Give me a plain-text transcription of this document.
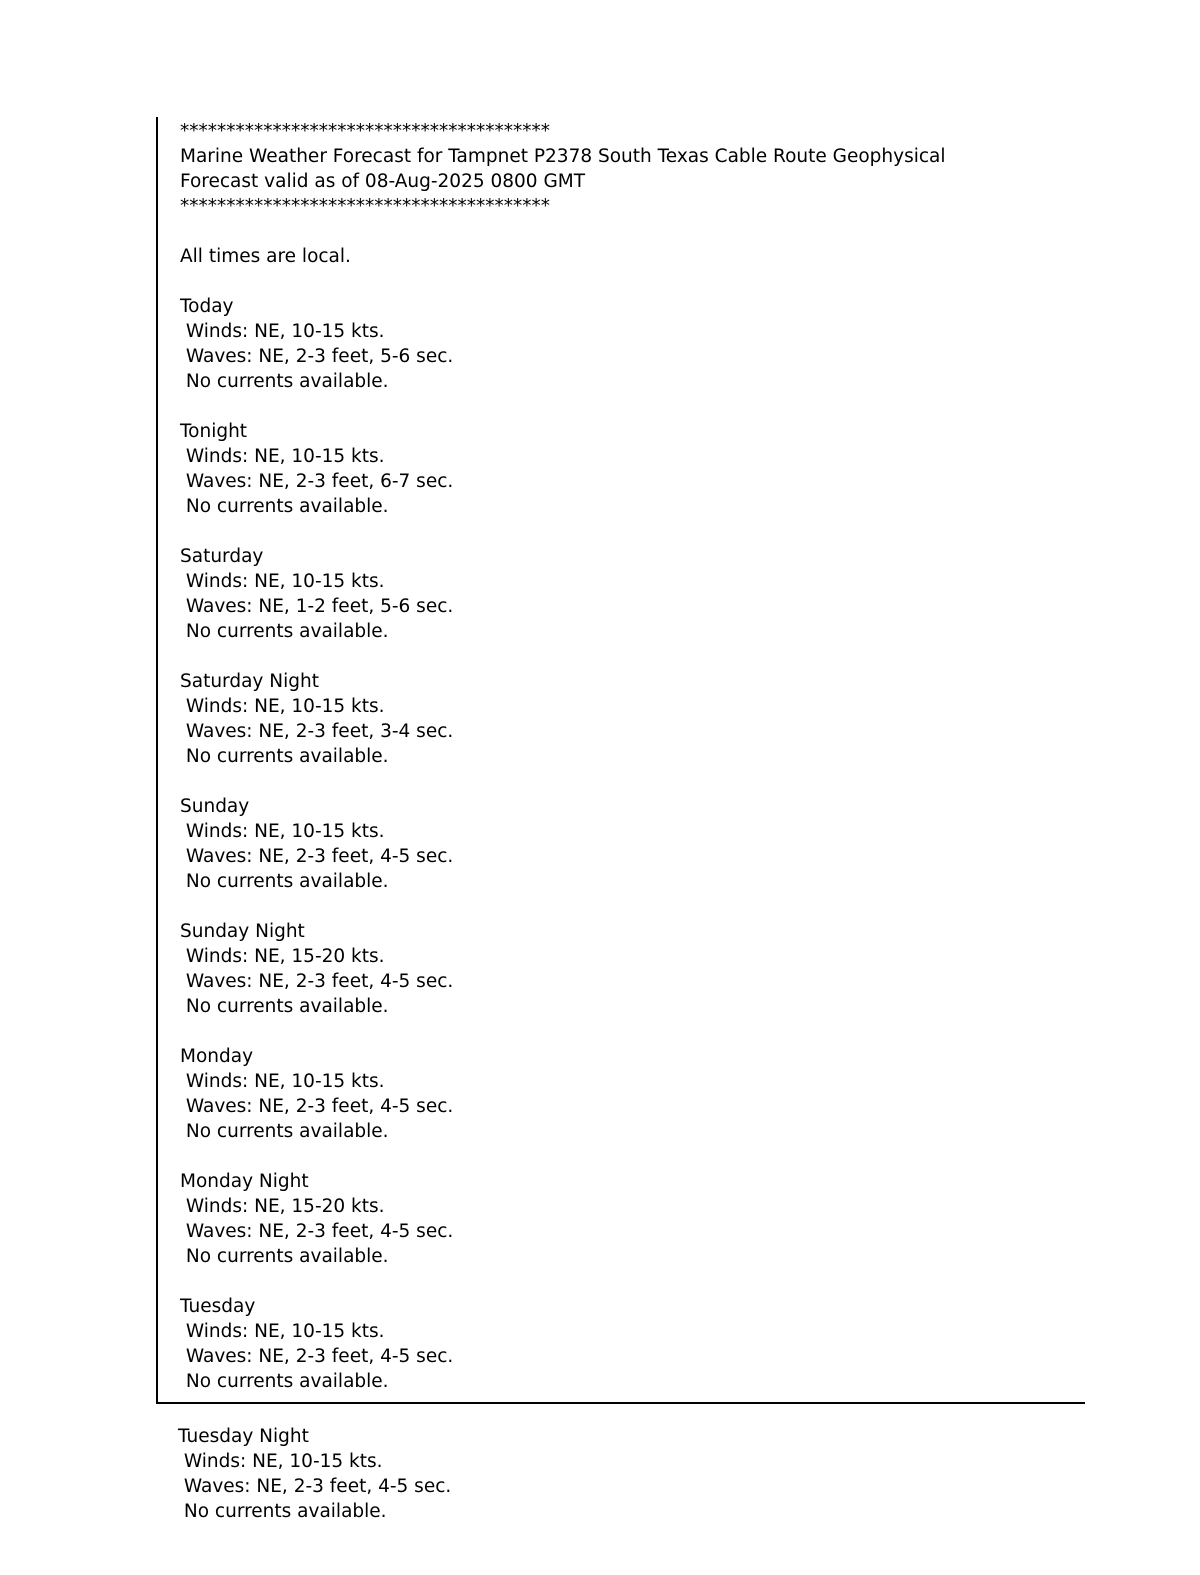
****************************************
Marine Weather Forecast for Tampnet P2378 South Texas Cable Route Geophysical
Forecast valid as of 08-Aug-2025 0800 GMT
****************************************
All times are local.
Today
Winds: NE, 10-15 kts.
Waves: NE, 2-3 feet, 5-6 sec.
No currents available.
Tonight
Winds: NE, 10-15 kts.
Waves: NE, 2-3 feet, 6-7 sec.
No currents available.
Saturday
Winds: NE, 10-15 kts.
Waves: NE, 1-2 feet, 5-6 sec.
No currents available.
Saturday Night
Winds: NE, 10-15 kts.
Waves: NE, 2-3 feet, 3-4 sec.
No currents available.
Sunday
Winds: NE, 10-15 kts.
Waves: NE, 2-3 feet, 4-5 sec.
No currents available.
Sunday Night
Winds: NE, 15-20 kts.
Waves: NE, 2-3 feet, 4-5 sec.
No currents available.
Monday
Winds: NE, 10-15 kts.
Waves: NE, 2-3 feet, 4-5 sec.
No currents available.
Monday Night
Winds: NE, 15-20 kts.
Waves: NE, 2-3 feet, 4-5 sec.
No currents available.
Tuesday
Winds: NE, 10-15 kts.
Waves: NE, 2-3 feet, 4-5 sec.
No currents available.
Tuesday Night
Winds: NE, 10-15 kts.
Waves: NE, 2-3 feet, 4-5 sec.
No currents available.
